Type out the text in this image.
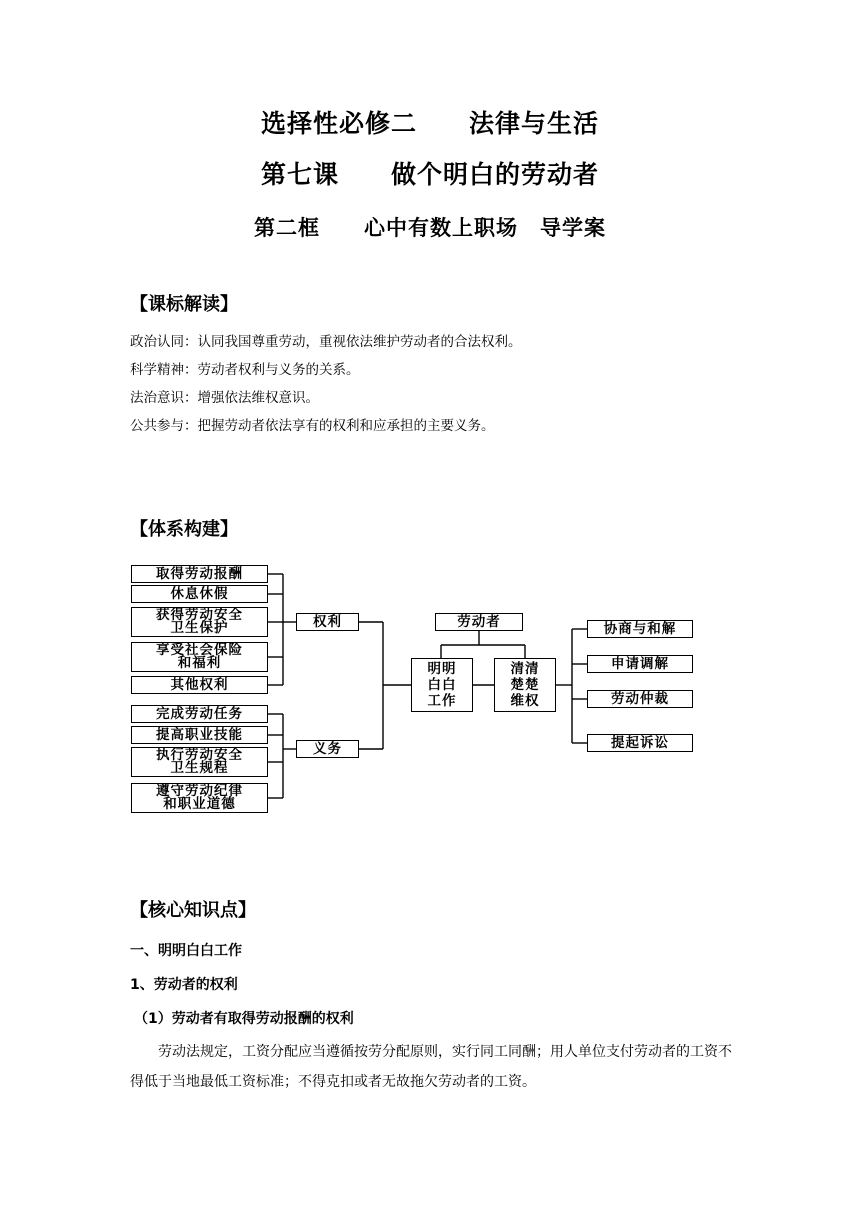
选择性必修二　　法律与生活
第七课　　做个明白的劳动者
第二框　　心中有数上职场　导学案
【课标解读】
政治认同：认同我国尊重劳动，重视依法维护劳动者的合法权利。
科学精神：劳动者权利与义务的关系。
法治意识：增强依法维权意识。
公共参与：把握劳动者依法享有的权利和应承担的主要义务。
【体系构建】
取得劳动报酬
休息休假
获得劳动安全
卫生保护
享受社会保险
和福利
其他权利
完成劳动任务
提高职业技能
执行劳动安全
卫生规程
遵守劳动纪律
和职业道德
权利
义务
劳动者
明明
白白
工作
清清
楚楚
维权
协商与和解
申请调解
劳动仲裁
提起诉讼
【核心知识点】
一、明明白白工作
1、劳动者的权利
（1）劳动者有取得劳动报酬的权利
劳动法规定，工资分配应当遵循按劳分配原则，实行同工同酬；用人单位支付劳动者的工资不得低于当地最低工资标准；不得克扣或者无故拖欠劳动者的工资。
